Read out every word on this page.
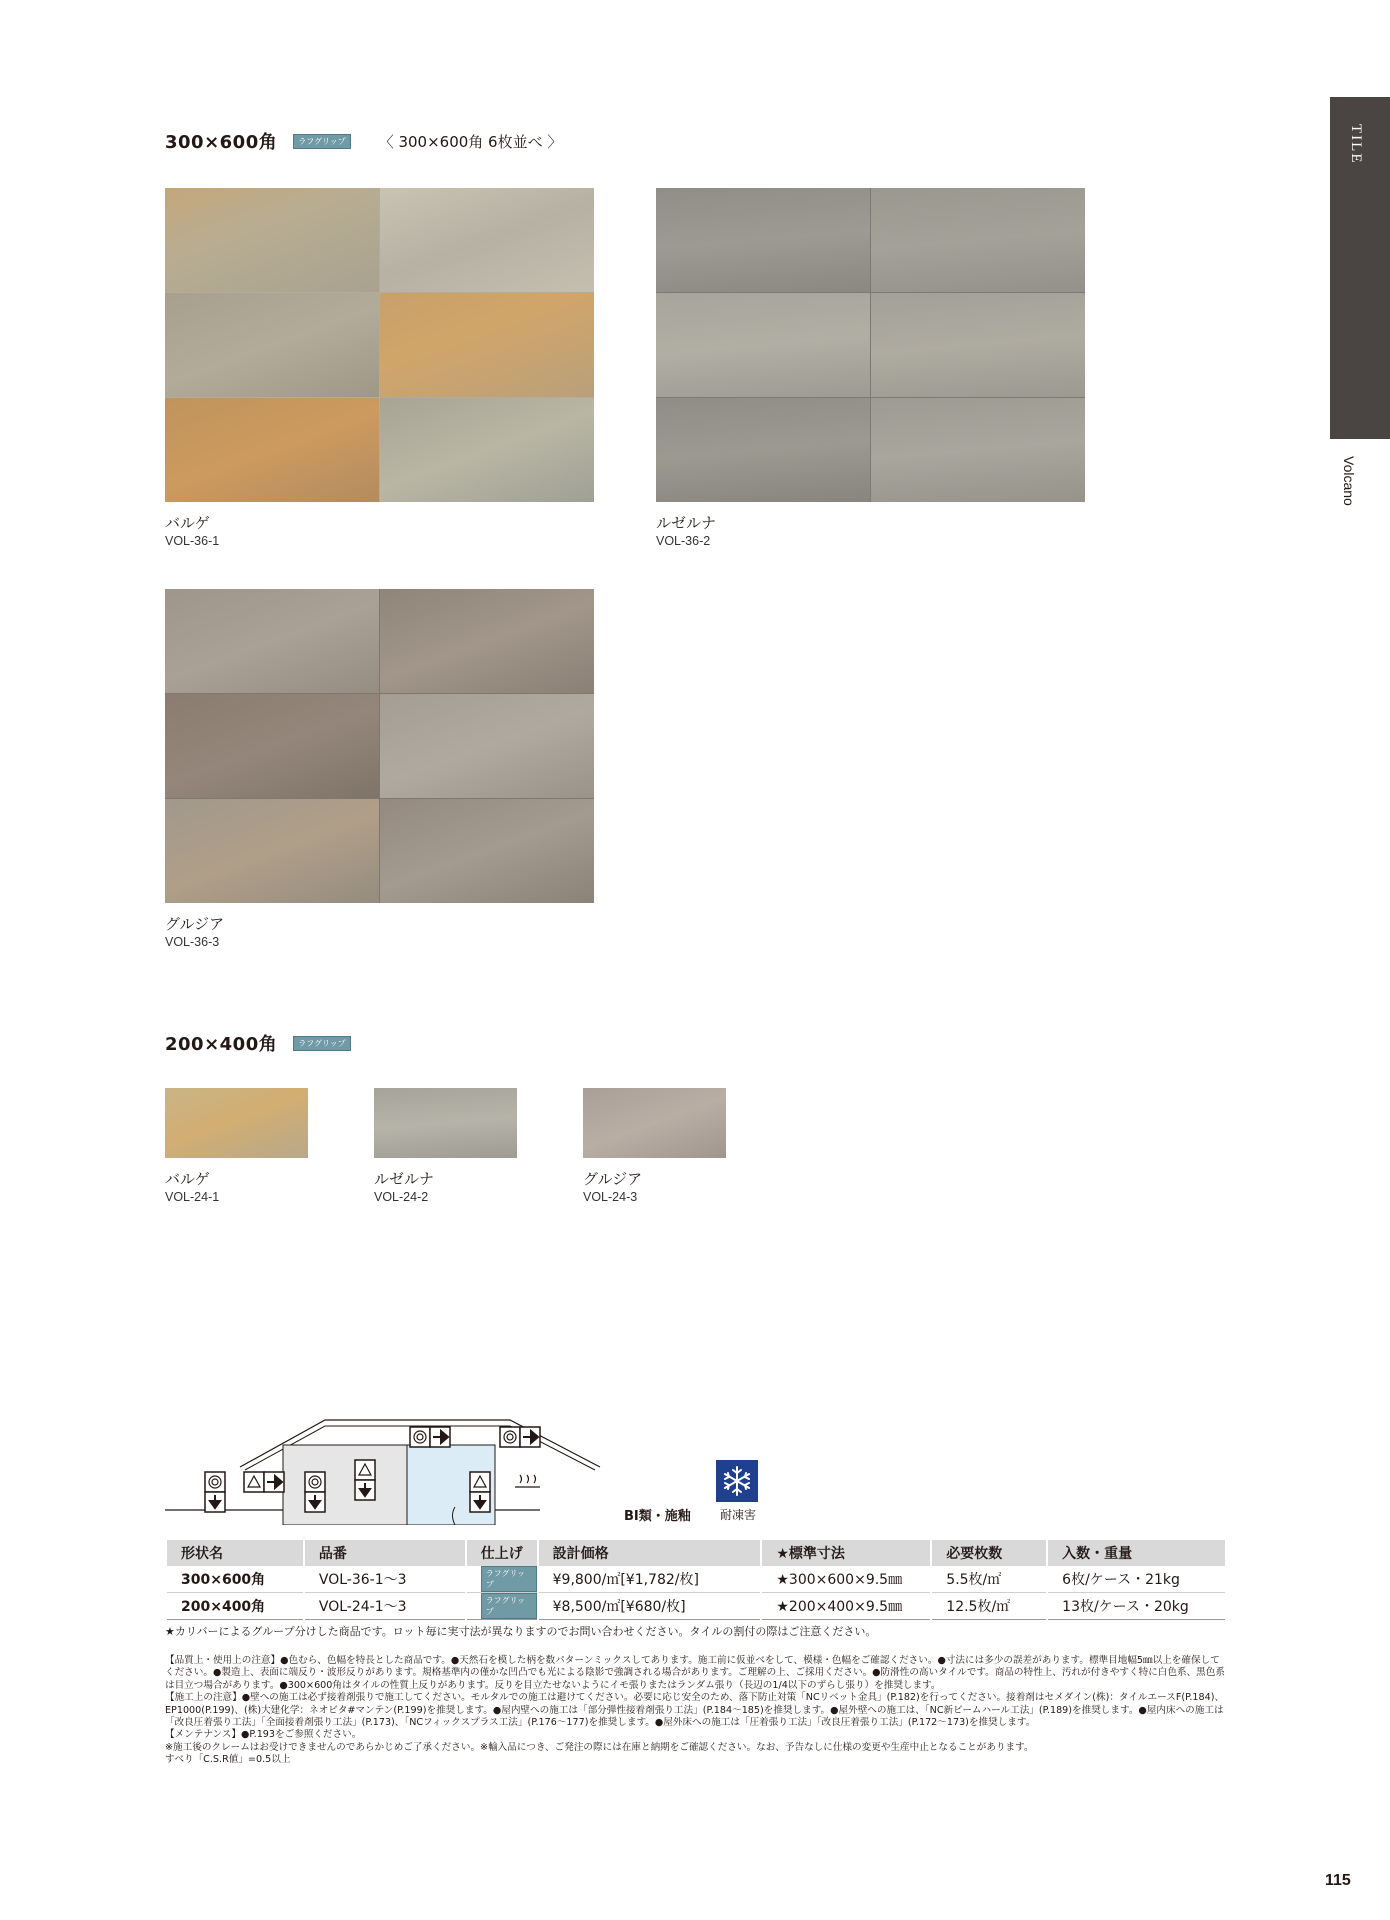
TILE
Volcano
300×600角	ラフグリップ	〈 300×600角 6枚並べ 〉
バルゲ
VOL-36-1
ルゼルナ
VOL-36-2
グルジア
VOL-36-3
200×400角	ラフグリップ
バルゲ
VOL-24-1
ルゼルナ
VOL-24-2
グルジア
VOL-24-3
BI類・施釉 耐凍害
形状名	品番	仕上げ	設計価格	★標準寸法	必要枚数	入数・重量
300×600角	VOL-36-1〜3	ラフグリップ	¥9,800/㎡[¥1,782/枚]	★300×600×9.5㎜	5.5枚/㎡	6枚/ケース・21kg
200×400角	VOL-24-1〜3	ラフグリップ	¥8,500/㎡[¥680/枚]	★200×400×9.5㎜	12.5枚/㎡	13枚/ケース・20kg
★カリバーによるグループ分けした商品です。ロット毎に実寸法が異なりますのでお問い合わせください。タイルの割付の際はご注意ください。
【品質上・使用上の注意】●色むら、色幅を特長とした商品です。●天然石を模した柄を数パターンミックスしてあります。施工前に仮並べをして、模様・色幅をご確認ください。●寸法には多少の誤差があります。標準目地幅5㎜以上を確保してください。●製造上、表面に端反り・波形反りがあります。規格基準内の僅かな凹凸でも光による陰影で強調される場合があります。ご理解の上、ご採用ください。●防滑性の高いタイルです。商品の特性上、汚れが付きやすく特に白色系、黒色系は目立つ場合があります。●300×600角はタイルの性質上反りがあります。反りを目立たせないようにイモ張りまたはランダム張り（長辺の1/4以下のずらし張り）を推奨します。
【施工上の注意】●壁への施工は必ず接着剤張りで施工してください。モルタルでの施工は避けてください。必要に応じ安全のため、落下防止対策「NCリベット金具」(P.182)を行ってください。接着剤はセメダイン(株)：タイルエースF(P.184)、EP1000(P.199)、(株)大建化学：ネオビタ#マンテン(P.199)を推奨します。●屋内壁への施工は「部分弾性接着剤張り工法」(P.184〜185)を推奨します。●屋外壁への施工は、「NC新ビームハール工法」(P.189)を推奨します。●屋内床への施工は「改良圧着張り工法」「全面接着剤張り工法」(P.173)、「NCフィックスプラス工法」(P.176〜177)を推奨します。●屋外床への施工は「圧着張り工法」「改良圧着張り工法」(P.172〜173)を推奨します。
【メンテナンス】●P.193をご参照ください。
※施工後のクレームはお受けできませんのであらかじめご了承ください。※輸入品につき、ご発注の際には在庫と納期をご確認ください。なお、予告なしに仕様の変更や生産中止となることがあります。
すべり「C.S.R値」=0.5以上
115
